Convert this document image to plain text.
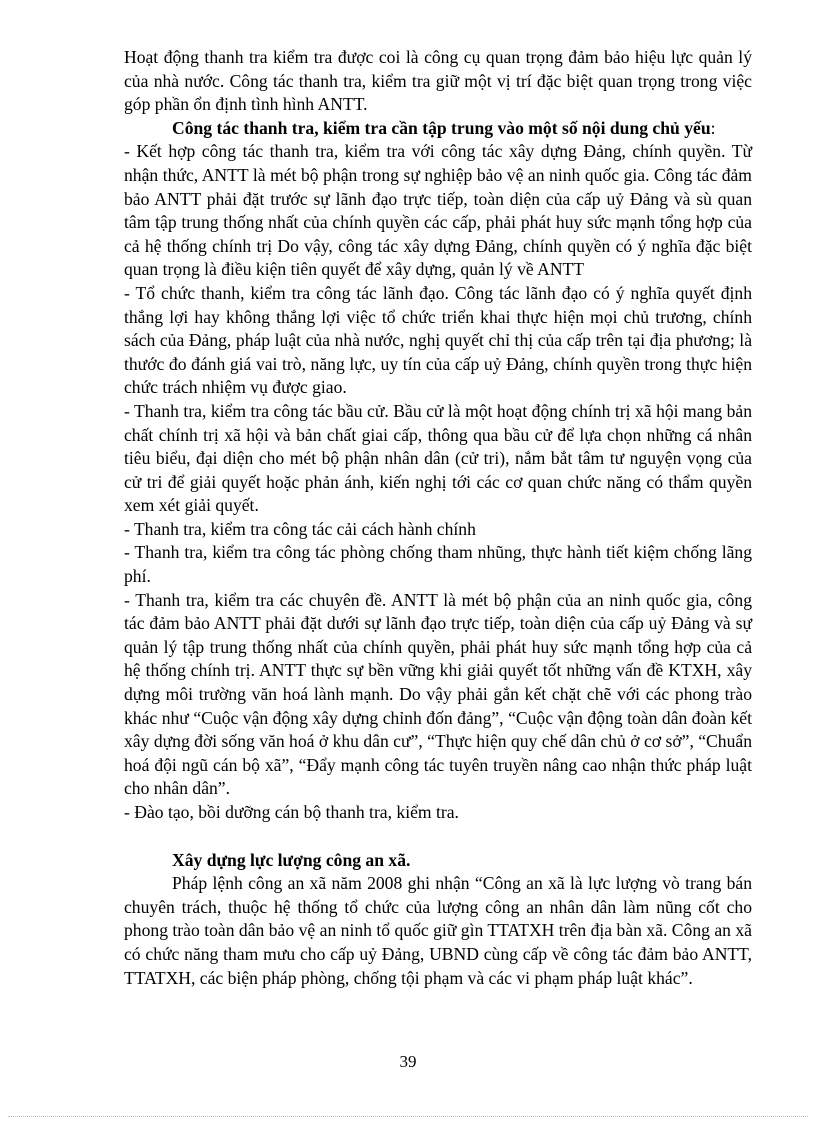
Hoạt động thanh tra kiểm tra được coi là công cụ quan trọng đảm bảo hiệu lực quản lý của nhà nước. Công tác thanh tra, kiểm tra giữ một vị trí đặc biệt quan trọng trong việc góp phần ổn định tình hình ANTT.

Công tác thanh tra, kiểm tra cần tập trung vào một số nội dung chủ yếu:

- Kết hợp công tác thanh tra, kiểm tra với công tác xây dựng Đảng, chính quyền. Từ nhận thức, ANTT là mét bộ phận trong sự nghiệp bảo vệ an ninh quốc gia. Công tác đảm bảo ANTT phải đặt trước sự lãnh đạo trực tiếp, toàn diện của cấp uỷ Đảng và sù quan tâm tập trung thống nhất của chính quyền các cấp, phải phát huy sức mạnh tổng hợp của cả hệ thống chính trị Do vậy, công tác xây dựng Đảng, chính quyền có ý nghĩa đặc biệt quan trọng là điều kiện tiên quyết để xây dựng, quản lý về ANTT

- Tổ chức thanh, kiểm tra công tác lãnh đạo. Công tác lãnh đạo có ý nghĩa quyết định thắng lợi hay không thắng lợi việc tổ chức triển khai thực hiện mọi chủ trương, chính sách của Đảng, pháp luật của nhà nước, nghị quyết chỉ thị của cấp trên tại địa phương; là thước đo đánh giá vai trò, năng lực, uy tín của cấp uỷ Đảng, chính quyền trong thực hiện chức trách nhiệm vụ được giao.

- Thanh tra, kiểm tra công tác bầu cử. Bầu cử là một hoạt động chính trị xã hội mang bản chất chính trị xã hội và bản chất giai cấp, thông qua bầu cử để lựa chọn những cá nhân tiêu biểu, đại diện cho mét bộ phận nhân dân (cử tri), nắm bắt tâm tư nguyện vọng của cử tri để giải quyết hoặc phản ánh, kiến nghị tới các cơ quan chức năng có thẩm quyền xem xét giải quyết.

- Thanh tra, kiểm tra công tác cải cách hành chính

- Thanh tra, kiểm tra công tác phòng chống tham nhũng, thực hành tiết kiệm chống lãng phí.

- Thanh tra, kiểm tra các chuyên đề. ANTT là mét bộ phận của an ninh quốc gia, công tác đảm bảo ANTT phải đặt dưới sự lãnh đạo trực tiếp, toàn diện của cấp uỷ Đảng và sự quản lý tập trung thống nhất của chính quyền, phải phát huy sức mạnh tổng hợp của cả hệ thống chính trị. ANTT thực sự bền vững khi giải quyết tốt những vấn đề KTXH, xây dựng môi trường văn hoá lành mạnh. Do vậy phải gắn kết chặt chẽ với các phong trào khác như “Cuộc vận động xây dựng chỉnh đốn đảng”, “Cuộc vận động toàn dân đoàn kết xây dựng đời sống văn hoá ở khu dân cư”, “Thực hiện quy chế dân chủ ở cơ sở”, “Chuẩn hoá đội ngũ cán bộ xã”, “Đẩy mạnh công tác tuyên truyền nâng cao nhận thức pháp luật cho nhân dân”.

- Đào tạo, bồi dưỡng cán bộ thanh tra, kiểm tra.

Xây dựng lực lượng công an xã.

Pháp lệnh công an xã năm 2008 ghi nhận “Công an xã là lực lượng vò trang bán chuyên trách, thuộc hệ thống tổ chức của lượng công an nhân dân làm nũng cốt cho phong trào toàn dân bảo vệ an ninh tổ quốc giữ gìn TTATXH trên địa bàn xã. Công an xã có chức năng tham mưu cho cấp uỷ Đảng, UBND cùng cấp về công tác đảm bảo ANTT, TTATXH, các biện pháp phòng, chống tội phạm và các vi phạm pháp luật khác”.

39
